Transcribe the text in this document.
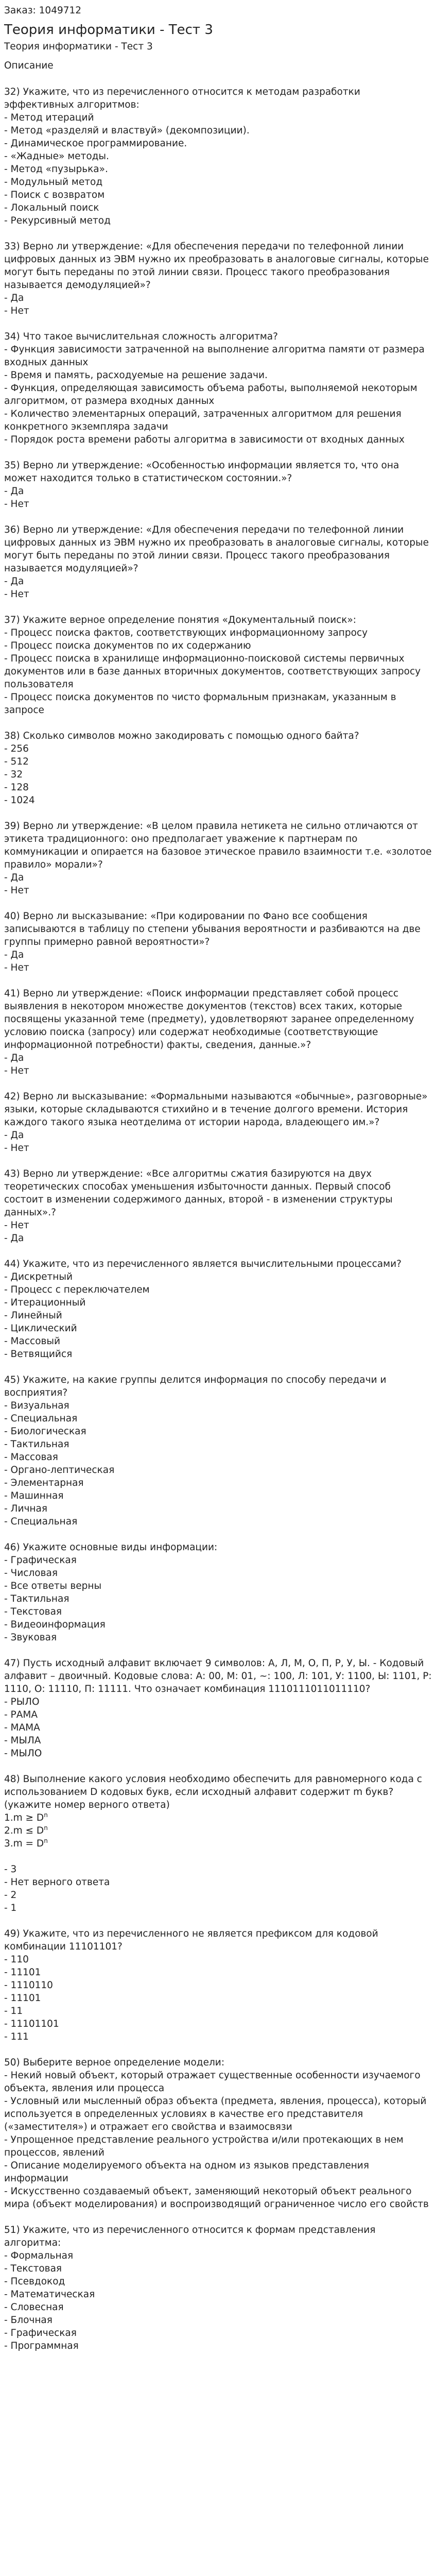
Заказ: 1049712
Теория информатики - Тест 3
Теория информатики - Тест 3
Описание

32) Укажите, что из перечисленного относится к методам разработки эффективных алгоритмов:

- Метод итераций
- Метод «разделяй и властвуй» (декомпозиции).
- Динамическое программирование.
- «Жадные» методы.
- Метод «пузырька».
- Модульный метод
- Поиск с возвратом
- Локальный поиск
- Рекурсивный метод

33) Верно ли утверждение: «Для обеспечения передачи по телефонной линии цифровых данных из ЭВМ нужно их преобразовать в аналоговые сигналы, которые могут быть переданы по этой линии связи. Процесс такого преобразования называется демодуляцией»?

- Да
- Нет

34) Что такое вычислительная сложность алгоритма?

- Функция зависимости затраченной на выполнение алгоритма памяти от размера входных данных
- Время и память, расходуемые на решение задачи.
- Функция, определяющая зависимость объема работы, выполняемой некоторым алгоритмом, от размера входных данных
- Количество элементарных операций, затраченных алгоритмом для решения конкретного экземпляра задачи
- Порядок роста времени работы алгоритма в зависимости от входных данных

35) Верно ли утверждение: «Особенностью информации является то, что она может находится только в статистическом состоянии.»?

- Да
- Нет

36) Верно ли утверждение: «Для обеспечения передачи по телефонной линии цифровых данных из ЭВМ нужно их преобразовать в аналоговые сигналы, которые могут быть переданы по этой линии связи. Процесс такого преобразования называется модуляцией»?

- Да
- Нет

37) Укажите верное определение понятия «Документальный поиск»:

- Процесс поиска фактов, соответствующих информационному запросу
- Процесс поиска документов по их содержанию
- Процесс поиска в хранилище информационно-поисковой системы первичных документов или в базе данных вторичных документов, соответствующих запросу пользователя
- Процесс поиска документов по чисто формальным признакам, указанным в запросе

38) Сколько символов можно закодировать с помощью одного байта?

- 256
- 512
- 32
- 128
- 1024

39) Верно ли утверждение: «В целом правила нетикета не сильно отличаются от этикета традиционного: оно предполагает уважение к партнерам по коммуникации и опирается на базовое этическое правило взаимности т.е. «золотое правило» морали»?

- Да
- Нет

40) Верно ли высказывание: «При кодировании по Фано все сообщения записываются в таблицу по степени убывания вероятности и разбиваются на две группы примерно равной вероятности»?

- Да
- Нет

41) Верно ли утверждение: «Поиск информации представляет собой процесс выявления в некотором множестве документов (текстов) всех таких, которые посвящены указанной теме (предмету), удовлетворяют заранее определенному условию поиска (запросу) или содержат необходимые (соответствующие информационной потребности) факты, сведения, данные.»?

- Да
- Нет

42) Верно ли высказывание: «Формальными называются «обычные», разговорные» языки, которые складываются стихийно и в течение долгого времени. История каждого такого языка неотделима от истории народа, владеющего им.»?

- Да
- Нет

43) Верно ли утверждение: «Все алгоритмы сжатия базируются на двух теоретических способах уменьшения избыточности данных. Первый способ состоит в изменении содержимого данных, второй - в изменении структуры данных».?

- Нет
- Да

44) Укажите, что из перечисленного является вычислительными процессами?

- Дискретный
- Процесс с переключателем
- Итерационный
- Линейный
- Циклический
- Массовый
- Ветвящийся

45) Укажите, на какие группы делится информация по способу передачи и восприятия?

- Визуальная
- Специальная
- Биологическая
- Тактильная
- Массовая
- Органо-лептическая
- Элементарная
- Машинная
- Личная
- Специальная

46) Укажите основные виды информации:

- Графическая
- Числовая
- Все ответы верны
- Тактильная
- Текстовая
- Видеоинформация
- Звуковая

47) Пусть исходный алфавит включает 9 символов: А, Л, М, О, П, Р, У, Ы. - Кодовый алфавит – двоичный. Кодовые слова: А: 00, М: 01, ~: 100, Л: 101, У: 1100, Ы: 1101, Р: 1110, О: 11110, П: 11111. Что означает комбинация 1110111011011110?

- РЫЛО
- РАМА
- МАМА
- МЫЛА
- МЫЛО

48) Выполнение какого условия необходимо обеспечить для равномерного кода с использованием D кодовых букв, если исходный алфавит содержит m букв?(укажите номер верного ответа)

$1.m \ge D^n$
$2.m \le D^n$
$3.m = D^n$

- 3
- Нет верного ответа
- 2
- 1

49) Укажите, что из перечисленного не является префиксом для кодовой комбинации 11101101?

- 110
- 11101
- 1110110
- 11101
- 11
- 11101101
- 111

50) Выберите верное определение модели:

- Некий новый объект, который отражает существенные особенности изучаемого объекта, явления или процесса
- Условный или мысленный образ объекта (предмета, явления, процесса), который используется в определенных условиях в качестве его представителя («заместителя») и отражает его свойства и взаимосвязи
- Упрощенное представление реального устройства и/или протекающих в нем процессов, явлений
- Описание моделируемого объекта на одном из языков представления информации
- Искусственно создаваемый объект, заменяющий некоторый объект реального мира (объект моделирования) и воспроизводящий ограниченное число его свойств

51) Укажите, что из перечисленного относится к формам представления алгоритма:

- Формальная
- Текстовая
- Псевдокод
- Математическая
- Словесная
- Блочная
- Графическая
- Программная
